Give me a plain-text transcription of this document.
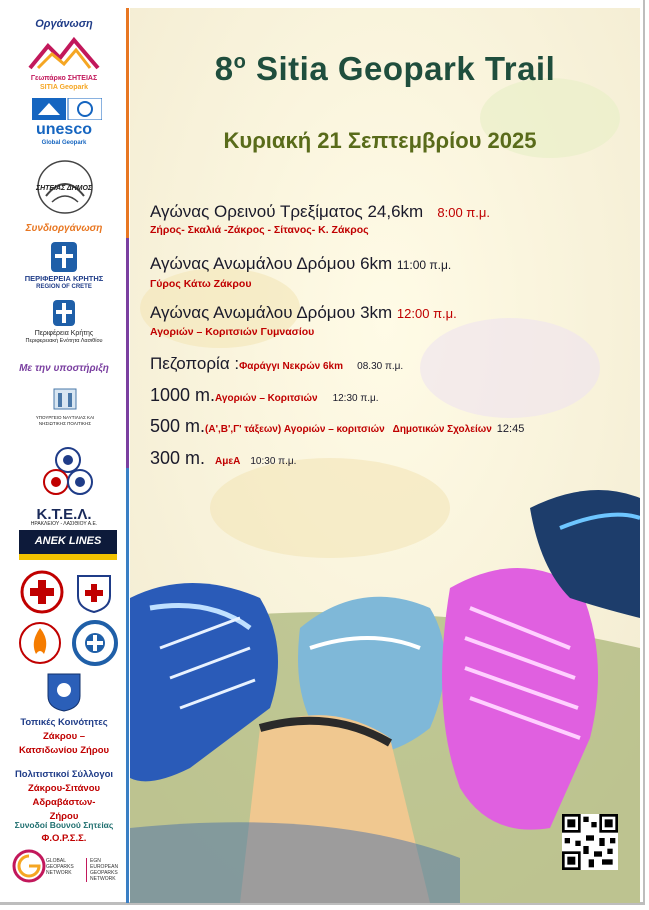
Οργάνωση
Γεωπάρκο ΣΗΤΕΙΑΣ
SITIA Geopark
unesco
Global Geopark
ΣΗΤΕΙΑΣ ΔΗΜΟΣ
Συνδιοργάνωση
ΠΕΡΙΦΕΡΕΙΑ ΚΡΗΤΗΣ
REGION OF CRETE
Περιφέρεια Κρήτης
Περιφερειακή Ενότητα Λασιθίου
Με την υποστήριξη
ΥΠΟΥΡΓΕΙΟ ΝΑΥΤΙΛΙΑΣ ΚΑΙ ΝΗΣΙΩΤΙΚΗΣ ΠΟΛΙΤΙΚΗΣ
Κ.Τ.Ε.Λ.
ΗΡΑΚΛΕΙΟΥ - ΛΑΣΙΘΙΟΥ Α.Ε.
ANEK LINES
Τοπικές Κοινότητες
Ζάκρου – Κατσιδωνίου Ζήρου
Πολιτιστικοί Σύλλογοι
Ζάκρου-Σιτάνου Αδραβάστων- Ζήρου
Συνοδοί Βουνού Σητείας
Φ.Ο.Ρ.Σ.Σ.
GLOBAL GEOPARKS NETWORK
EGN EUROPEAN GEOPARKS NETWORK
$8^o$ Sitia Geopark Trail
Κυριακή 21 Σεπτεμβρίου 2025
Αγώνας Ορεινού Τρεξίματος 24,6km 8:00 π.μ.
Ζήρος- Σκαλιά -Ζάκρος - Σίτανος- Κ. Ζάκρος
Αγώνας Ανωμάλου Δρόμου 6km 11:00 π.μ.
Γύρος Κάτω Ζάκρου
Αγώνας Ανωμάλου Δρόμου 3km 12:00 π.μ.
Αγοριών – Κοριτσιών Γυμνασίου
Πεζοπορία :Φαράγγι Νεκρών 6km 08.30 π.μ.
1000 m.Αγοριών – Κοριτσιών 12:30 π.μ.
500 m.(Α',Β',Γ' τάξεων) Αγοριών – κοριτσιών   Δημοτικών Σχολείων 12:45
300 m. ΑμεΑ 10:30 π.μ.
